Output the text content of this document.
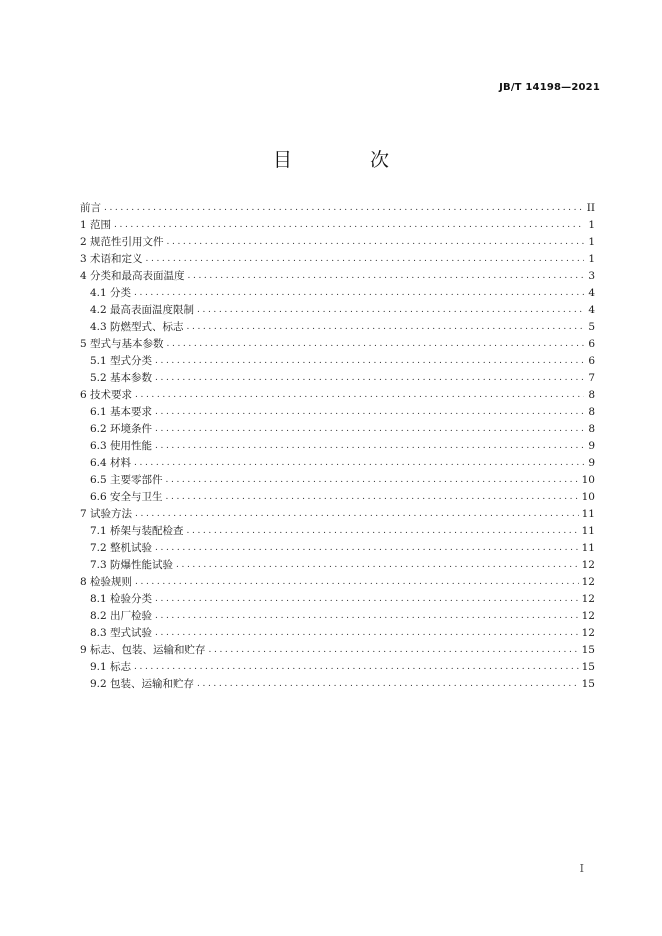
JB/T 14198—2021
目 次
前言 .....	II
1 范围 .....	1
2 规范性引用文件 .....	1
3 术语和定义 .....	1
4 分类和最高表面温度 .....	3
4.1 分类 .....	4
4.2 最高表面温度限制 .....	4
4.3 防燃型式、标志 .....	5
5 型式与基本参数 .....	6
5.1 型式分类 .....	6
5.2 基本参数 .....	7
6 技术要求 .....	8
6.1 基本要求 .....	8
6.2 环境条件 .....	8
6.3 使用性能 .....	9
6.4 材料 .....	9
6.5 主要零部件 .....	10
6.6 安全与卫生 .....	10
7 试验方法 .....	11
7.1 桥架与装配检查 .....	11
7.2 整机试验 .....	11
7.3 防爆性能试验 .....	12
8 检验规则 .....	12
8.1 检验分类 .....	12
8.2 出厂检验 .....	12
8.3 型式试验 .....	12
9 标志、包装、运输和贮存 .....	15
9.1 标志 .....	15
9.2 包装、运输和贮存 .....	15
I
